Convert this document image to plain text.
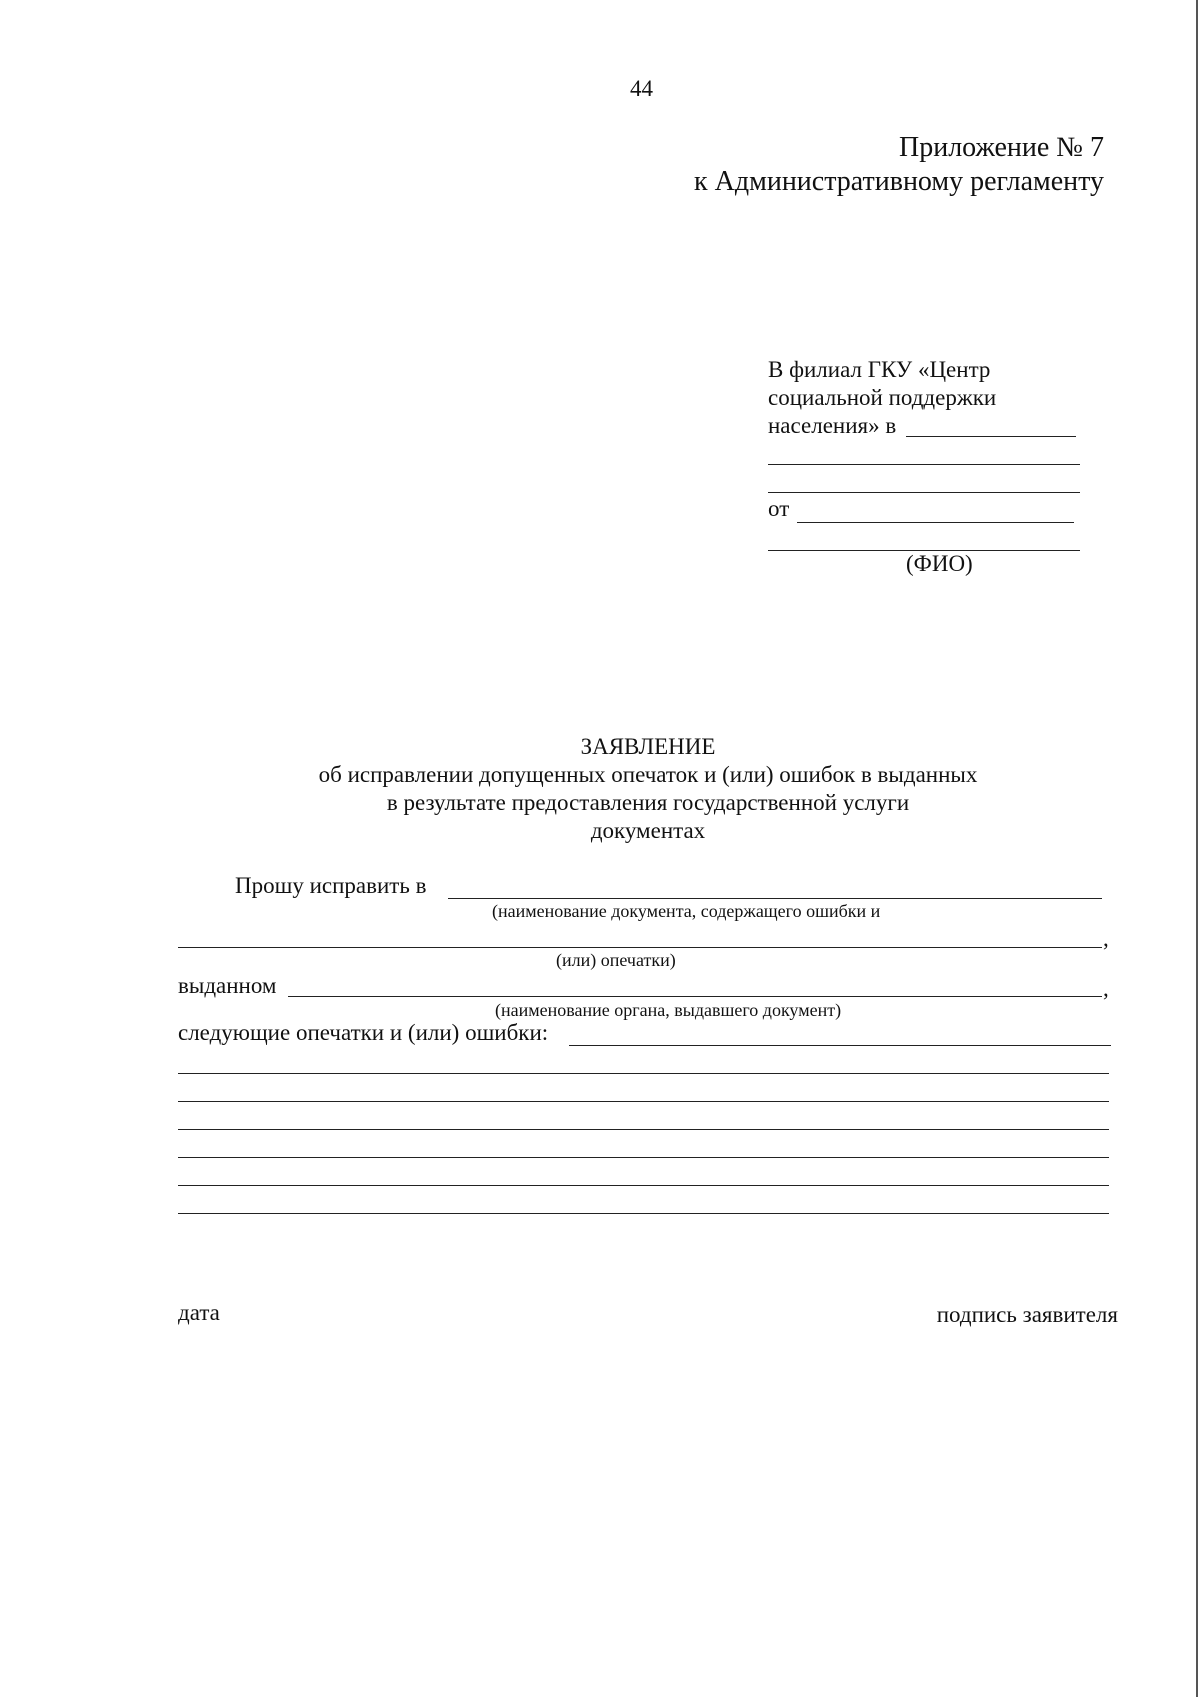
44
Приложение № 7
к Административному регламенту
В филиал ГКУ «Центр
социальной поддержки
населения» в
от
(ФИО)
ЗАЯВЛЕНИЕ
об исправлении допущенных опечаток и (или) ошибок в выданных
в результате предоставления государственной услуги
документах
Прошу исправить в
(наименование документа, содержащего ошибки и
,
(или) опечатки)
выданном	,
(наименование органа, выдавшего документ)
следующие опечатки и (или) ошибки:
дата	подпись заявителя
